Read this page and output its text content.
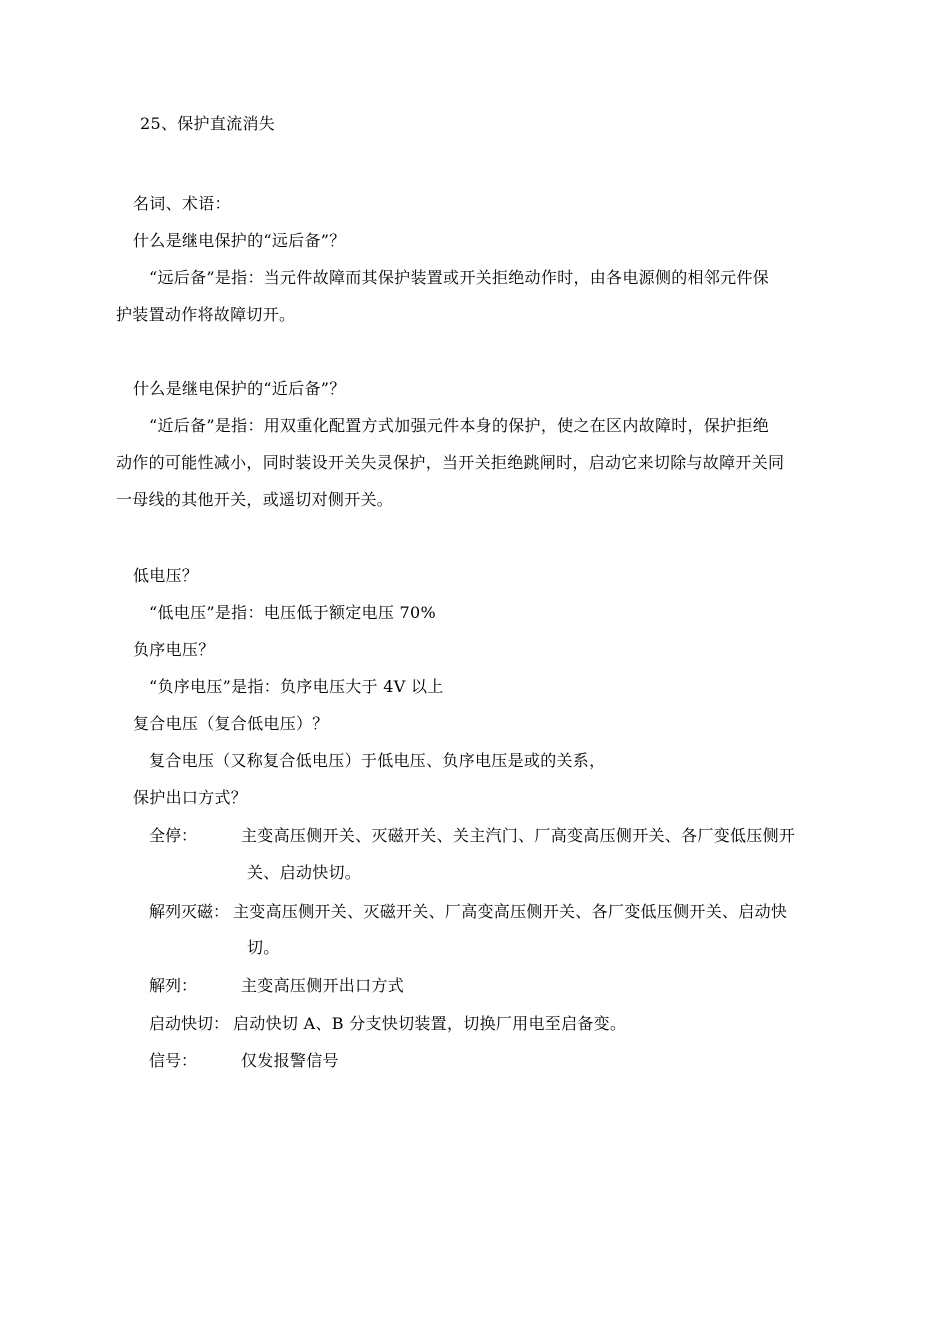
25、保护直流消失

名词、术语：

什么是继电保护的“远后备”？

“远后备”是指：当元件故障而其保护装置或开关拒绝动作时，由各电源侧的相邻元件保

护装置动作将故障切开。

什么是继电保护的“近后备”？

“近后备”是指：用双重化配置方式加强元件本身的保护，使之在区内故障时，保护拒绝

动作的可能性减小，同时装设开关失灵保护，当开关拒绝跳闸时，启动它来切除与故障开关同

一母线的其他开关，或遥切对侧开关。

低电压？

“低电压”是指：电压低于额定电压 70%

负序电压？

“负序电压”是指：负序电压大于 4V 以上

复合电压（复合低电压）？

复合电压（又称复合低电压）于低电压、负序电压是或的关系，

保护出口方式？

全停：	主变高压侧开关、灭磁开关、关主汽门、厂高变高压侧开关、各厂变低压侧开

关、启动快切。

解列灭磁： 主变高压侧开关、灭磁开关、厂高变高压侧开关、各厂变低压侧开关、启动快

切。

解列：	主变高压侧开出口方式

启动快切： 启动快切 A、B 分支快切装置，切换厂用电至启备变。

信号：	仅发报警信号
